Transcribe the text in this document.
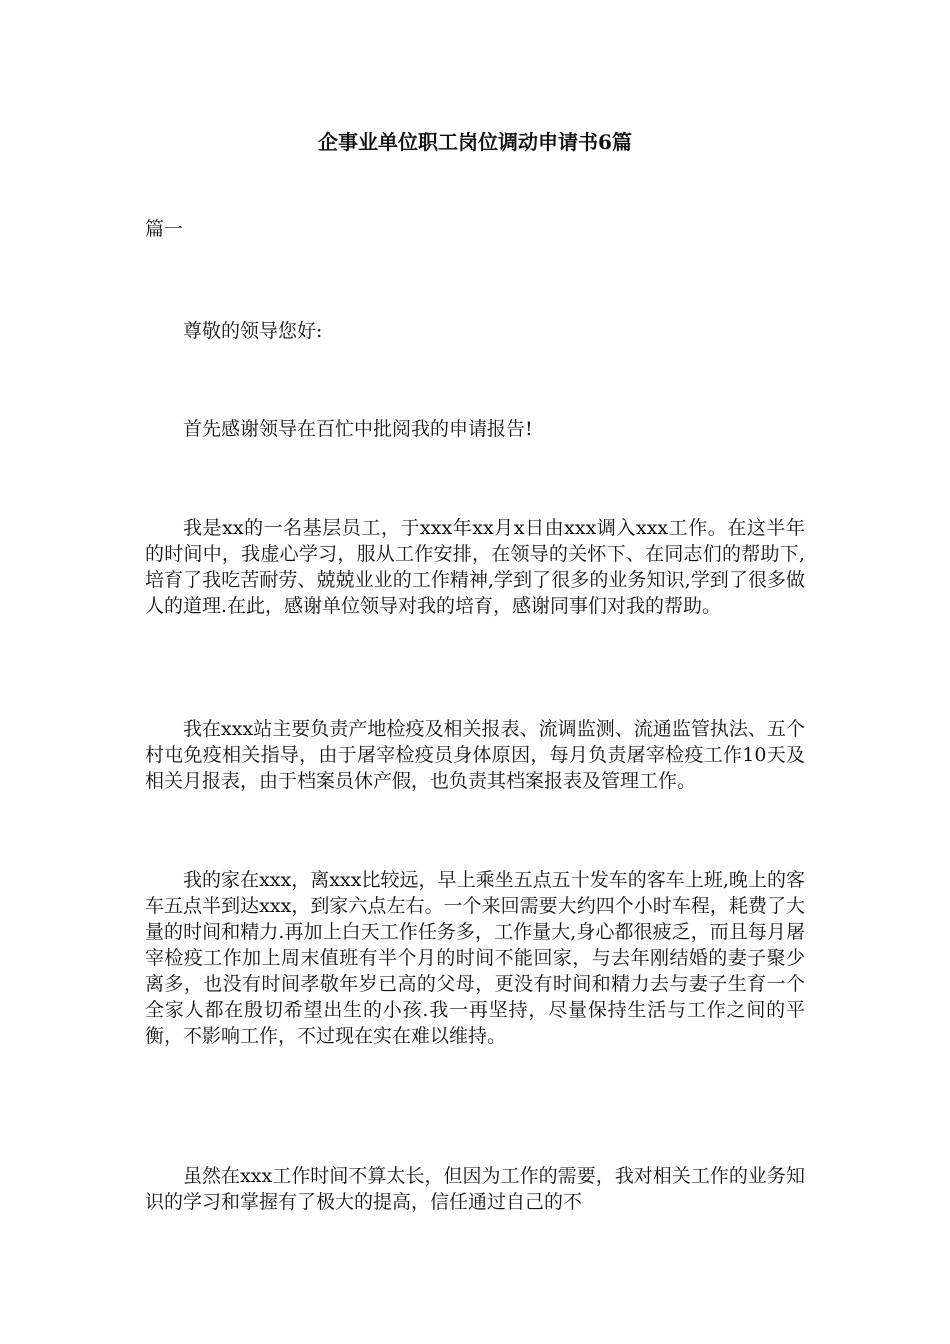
企事业单位职工岗位调动申请书6篇

篇一

尊敬的领导您好:

首先感谢领导在百忙中批阅我的申请报告!

我是xx的一名基层员工，于xxx年xx月x日由xxx调入xxx工作。在这半年的时间中，我虚心学习，服从工作安排，在领导的关怀下、在同志们的帮助下,培育了我吃苦耐劳、兢兢业业的工作精神,学到了很多的业务知识,学到了很多做人的道理.在此，感谢单位领导对我的培育，感谢同事们对我的帮助。

我在xxx站主要负责产地检疫及相关报表、流调监测、流通监管执法、五个村屯免疫相关指导，由于屠宰检疫员身体原因，每月负责屠宰检疫工作10天及相关月报表，由于档案员休产假，也负责其档案报表及管理工作。

我的家在xxx，离xxx比较远，早上乘坐五点五十发车的客车上班,晚上的客车五点半到达xxx，到家六点左右。一个来回需要大约四个小时车程，耗费了大量的时间和精力.再加上白天工作任务多，工作量大,身心都很疲乏，而且每月屠宰检疫工作加上周末值班有半个月的时间不能回家，与去年刚结婚的妻子聚少离多，也没有时间孝敬年岁已高的父母，更没有时间和精力去与妻子生育一个全家人都在殷切希望出生的小孩.我一再坚持，尽量保持生活与工作之间的平衡，不影响工作，不过现在实在难以维持。

虽然在xxx工作时间不算太长，但因为工作的需要，我对相关工作的业务知识的学习和掌握有了极大的提高，信任通过自己的不
